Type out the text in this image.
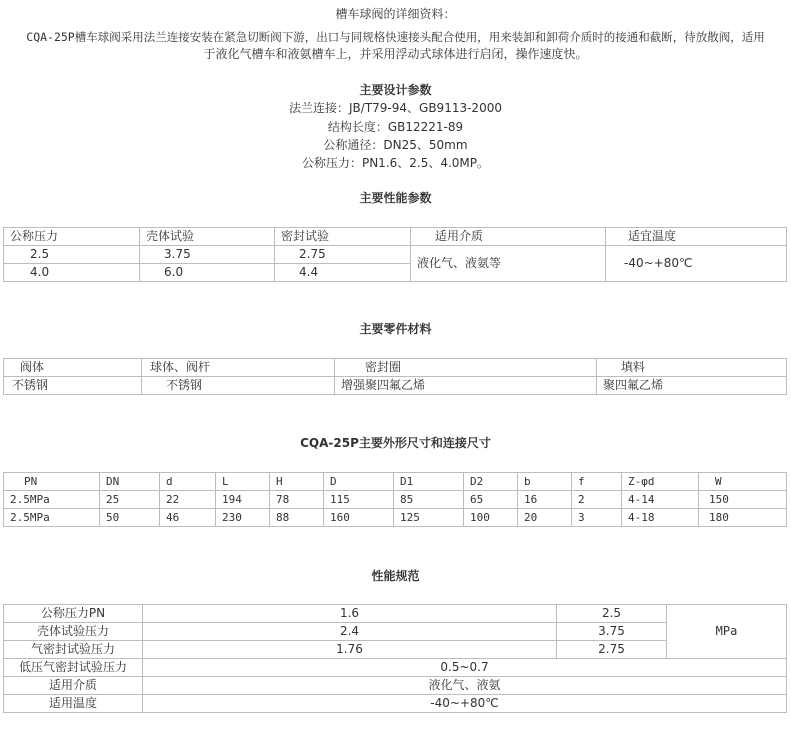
槽车球阀的详细资料：
CQA-25P槽车球阀采用法兰连接安装在紧急切断阀下游，出口与同规格快速接头配合使用，用来装卸和卸荷介质时的接通和截断，待放散阀，适用
于液化气槽车和液氨槽车上，并采用浮动式球体进行启闭，操作速度快。
主要设计参数
法兰连接：JB/T79-94、GB9113-2000
结构长度：GB12221-89
公称通径：DN25、50mm
公称压力：PN1.6、2.5、4.0MP。
主要性能参数
公称压力	壳体试验	密封试验	适用介质	适宜温度
2.5	3.75	2.75	液化气、液氨等	-40~+80℃
4.0	6.0	4.4		
主要零件材料
阀体	球体、阀杆	密封圈	填料
不锈钢	不锈钢	增强聚四氟乙烯	聚四氟乙烯
CQA-25P主要外形尺寸和连接尺寸
PN	DN	d	L	H	D	D1	D2	b	f	Z-φd	W
2.5MPa	25	22	194	78	115	85	65	16	2	4-14	150
2.5MPa	50	46	230	88	160	125	100	20	3	4-18	180
性能规范
公称压力PN	1.6	2.5	MPa
壳体试验压力	2.4	3.75	
气密封试验压力	1.76	2.75	
低压气密封试验压力	0.5~0.7		
适用介质	液化气、液氨		
适用温度	-40~+80℃		
